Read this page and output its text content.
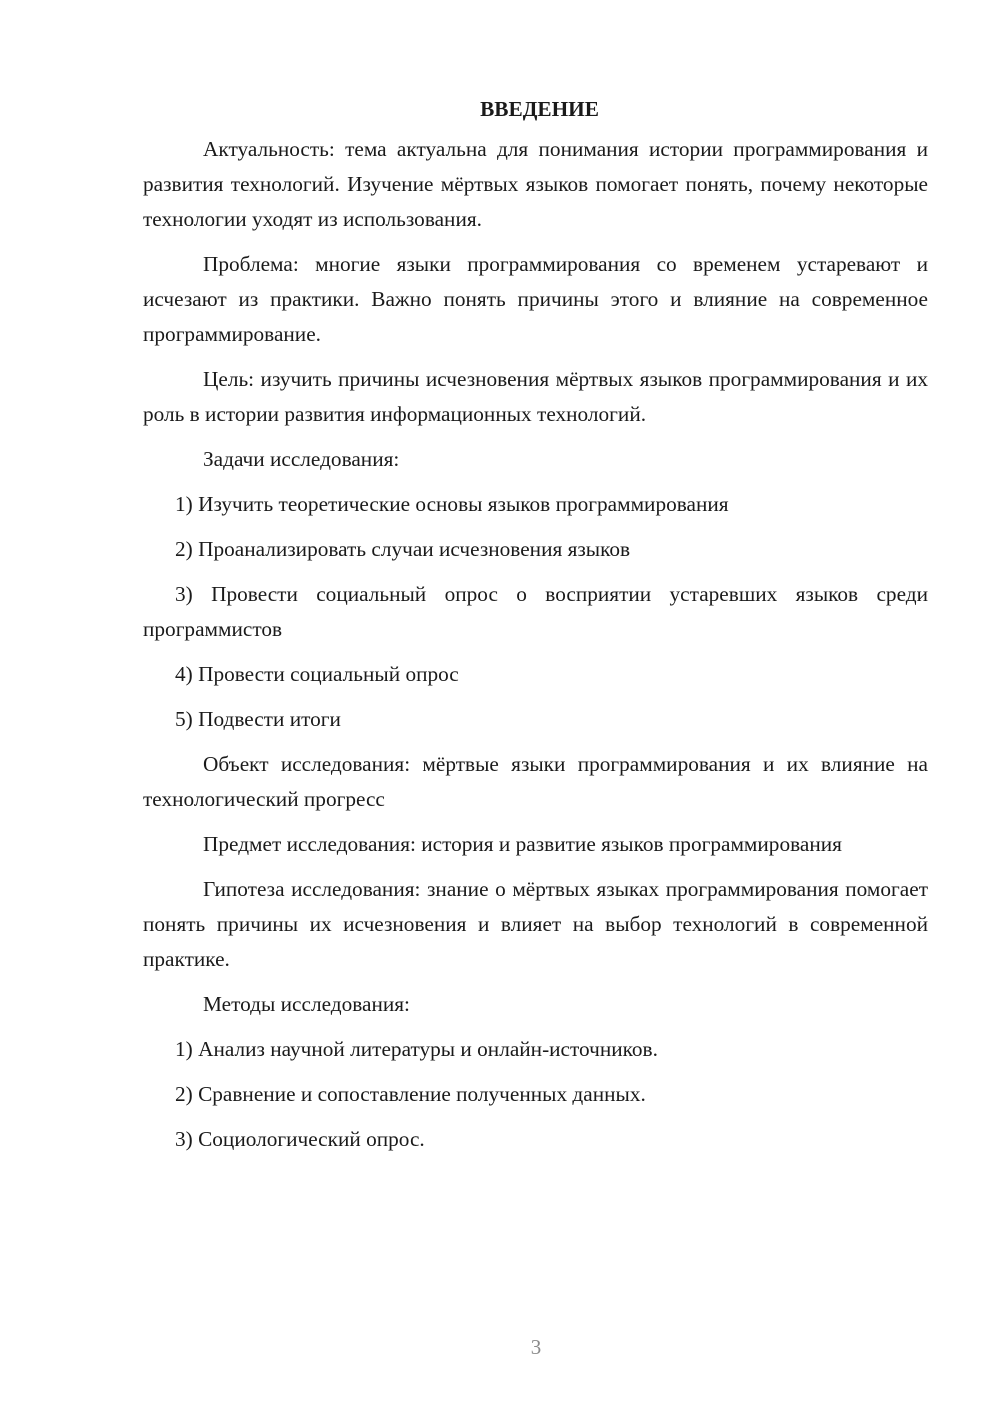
ВВЕДЕНИЕ

Актуальность: тема актуальна для понимания истории программирования и развития технологий. Изучение мёртвых языков помогает понять, почему некоторые технологии уходят из использования.

Проблема: многие языки программирования со временем устаревают и исчезают из практики. Важно понять причины этого и влияние на современное программирование.

Цель: изучить причины исчезновения мёртвых языков программирования и их роль в истории развития информационных технологий.

Задачи исследования:

1) Изучить теоретические основы языков программирования

2) Проанализировать случаи исчезновения языков

3) Провести социальный опрос о восприятии устаревших языков среди программистов

4) Провести социальный опрос

5) Подвести итоги

Объект исследования: мёртвые языки программирования и их влияние на технологический прогресс

Предмет исследования: история и развитие языков программирования

Гипотеза исследования: знание о мёртвых языках программирования помогает понять причины их исчезновения и влияет на выбор технологий в современной практике.

Методы исследования:

1) Анализ научной литературы и онлайн-источников.

2) Сравнение и сопоставление полученных данных.

3) Социологический опрос.

3
